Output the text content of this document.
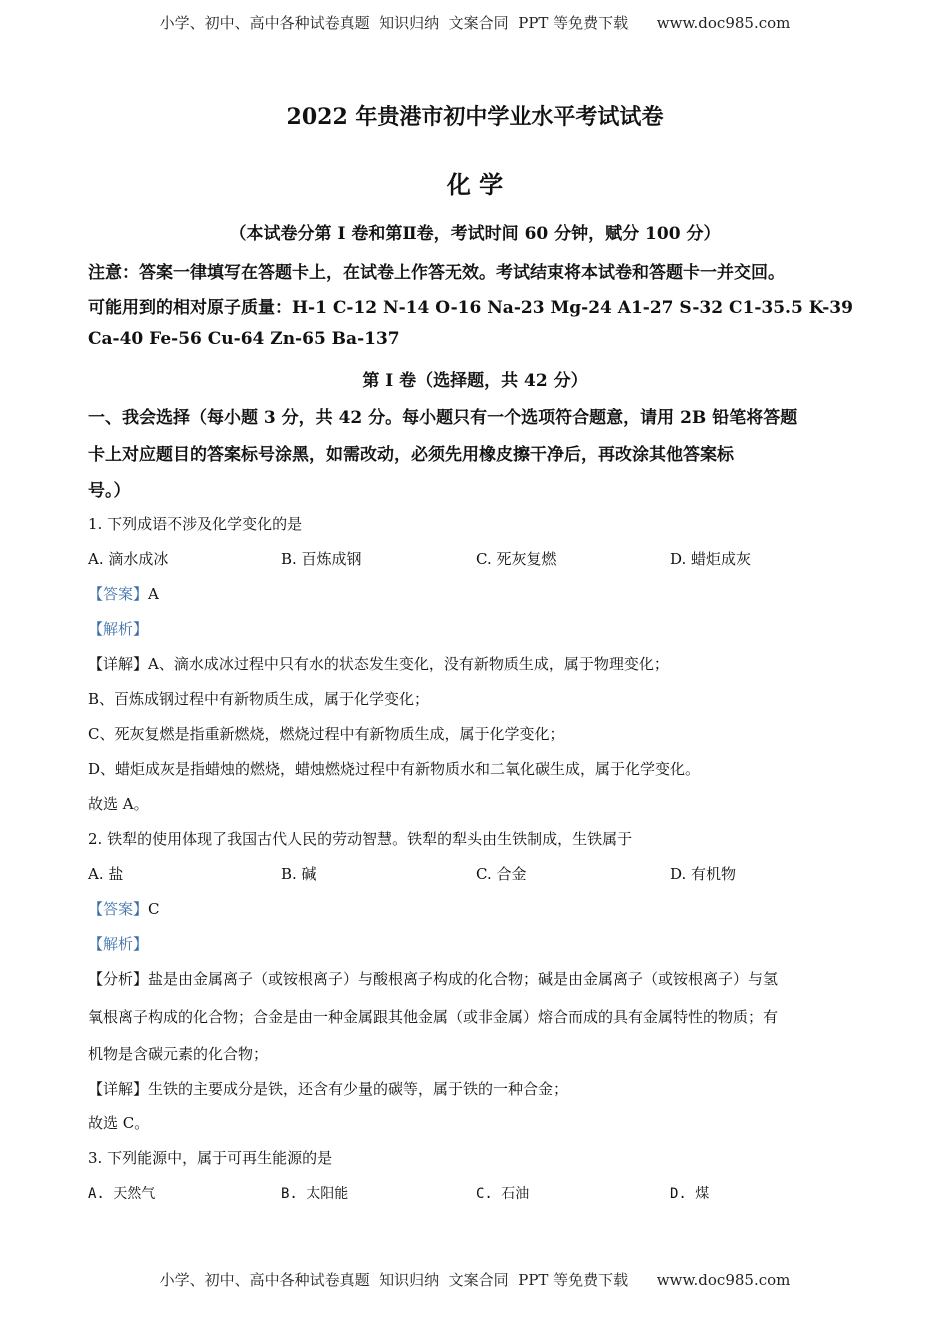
小学、初中、高中各种试卷真题  知识归纳  文案合同  PPT 等免费下载 www.doc985.com
2022 年贵港市初中学业水平考试试卷
化 学
（本试卷分第 I 卷和第Ⅱ卷，考试时间 60 分钟，赋分 100 分）
注意：答案一律填写在答题卡上，在试卷上作答无效。考试结束将本试卷和答题卡一并交回。
可能用到的相对原子质量：H-1 C-12 N-14 O-16 Na-23 Mg-24 A1-27 S-32 C1-35.5 K-39
Ca-40 Fe-56 Cu-64 Zn-65 Ba-137
第 I 卷（选择题，共 42 分）
一、我会选择（每小题 3 分，共 42 分。每小题只有一个选项符合题意，请用 2B 铅笔将答题
卡上对应题目的答案标号涂黑，如需改动，必须先用橡皮擦干净后，再改涂其他答案标
号。）
1. 下列成语不涉及化学变化的是
A. 滴水成冰	B. 百炼成钢	C. 死灰复燃	D. 蜡炬成灰
【答案】A
【解析】
【详解】A、滴水成冰过程中只有水的状态发生变化，没有新物质生成，属于物理变化；
B、百炼成钢过程中有新物质生成，属于化学变化；
C、死灰复燃是指重新燃烧，燃烧过程中有新物质生成，属于化学变化；
D、蜡炬成灰是指蜡烛的燃烧，蜡烛燃烧过程中有新物质水和二氧化碳生成，属于化学变化。
故选 A。
2. 铁犁的使用体现了我国古代人民的劳动智慧。铁犁的犁头由生铁制成，生铁属于
A. 盐	B. 碱	C. 合金	D. 有机物
【答案】C
【解析】
【分析】盐是由金属离子（或铵根离子）与酸根离子构成的化合物；碱是由金属离子（或铵根离子）与氢
氧根离子构成的化合物；合金是由一种金属跟其他金属（或非金属）熔合而成的具有金属特性的物质；有
机物是含碳元素的化合物；
【详解】生铁的主要成分是铁，还含有少量的碳等，属于铁的一种合金；
故选 C。
3. 下列能源中，属于可再生能源的是
A. 天然气	B. 太阳能	C. 石油	D. 煤
小学、初中、高中各种试卷真题  知识归纳  文案合同  PPT 等免费下载 www.doc985.com
